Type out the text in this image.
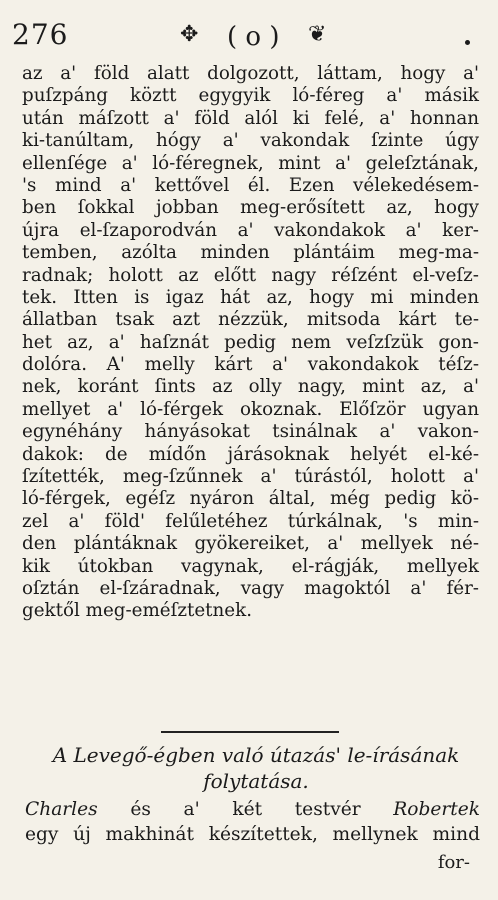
276	✥ ( o ) ❦
az a' föld alatt dolgozott, láttam, hogy a'
puſzpáng köztt egygyik ló-féreg a' másik
után máſzott a' föld alól ki felé, a' honnan
ki-tanúltam, hógy a' vakondak ſzinte úgy
ellenſége a' ló-féregnek, mint a' geleſztának,
's mind a' kettővel él. Ezen vélekedésem-
ben ſokkal jobban meg-erősített az, hogy
újra el-ſzaporodván a' vakondakok a' ker-
temben, azólta minden plántáim meg-ma-
radnak; holott az előtt nagy réſzént el-veſz-
tek. Itten is igaz hát az, hogy mi minden
állatban tsak azt nézzük, mitsoda kárt te-
het az, a' haſznát pedig nem veſzſzük gon-
dolóra. A' melly kárt a' vakondakok téſz-
nek, koránt ſints az olly nagy, mint az, a'
mellyet a' ló-férgek okoznak. Előſzör ugyan
egynéhány hányásokat tsinálnak a' vakon-
dakok: de mídőn járásoknak helyét el-ké-
ſzítették, meg-ſzűnnek a' túrástól, holott a'
ló-férgek, egéſz nyáron által, még pedig kö-
zel a' föld' felűletéhez túrkálnak, 's min-
den plántáknak gyökereiket, a' mellyek né-
kik útokban vagynak, el-rágják, mellyek
oſztán el-ſzáradnak, vagy magoktól a' fér-
gektől meg-eméſztetnek.
A Levegő-égben való útazás' le-írásának
folytatása.
Charles és a' két testvér Robertek
egy új makhinát készítettek, mellynek mind
for-
